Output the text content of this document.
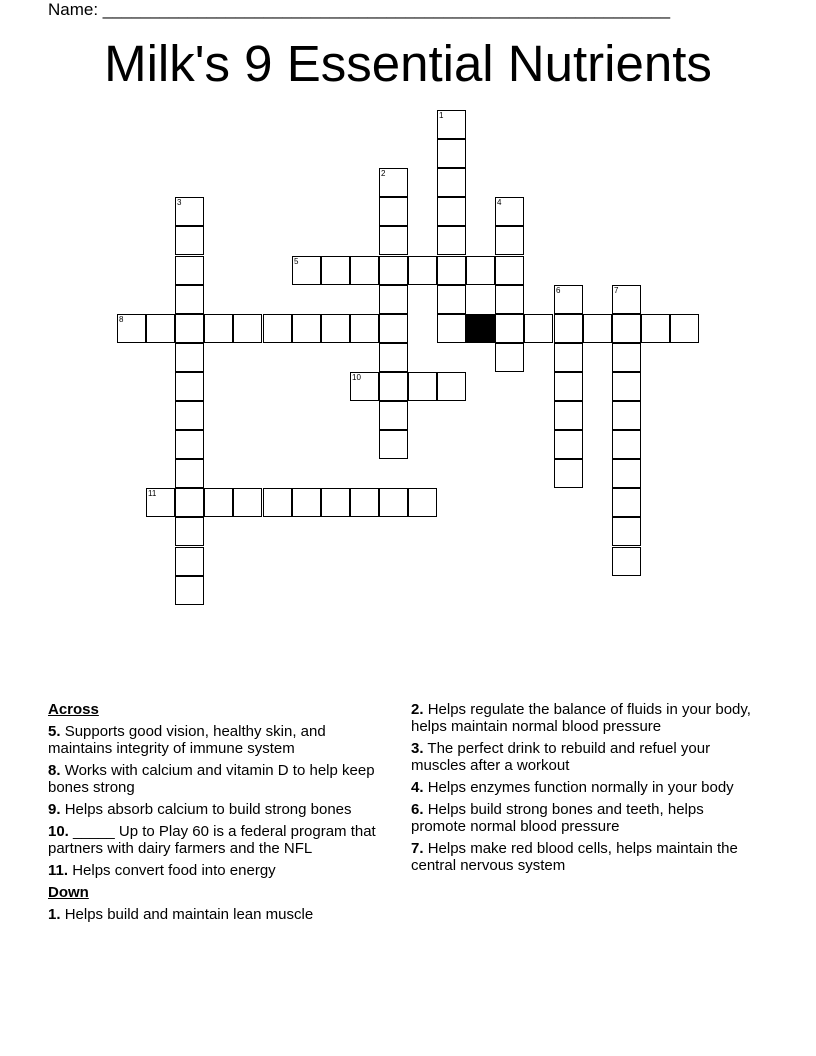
Name: ____________________________________________________________
Milk's 9 Essential Nutrients
1
2
3	4
5
6	7
8
10
11
Across
5. Supports good vision, healthy skin, and maintains integrity of immune system
8. Works with calcium and vitamin D to help keep bones strong
9. Helps absorb calcium to build strong bones
10. _____ Up to Play 60 is a federal program that partners with dairy farmers and the NFL
11. Helps convert food into energy
Down
1. Helps build and maintain lean muscle
2. Helps regulate the balance of fluids in your body, helps maintain normal blood pressure
3. The perfect drink to rebuild and refuel your muscles after a workout
4. Helps enzymes function normally in your body
6. Helps build strong bones and teeth, helps promote normal blood pressure
7. Helps make red blood cells, helps maintain the central nervous system
